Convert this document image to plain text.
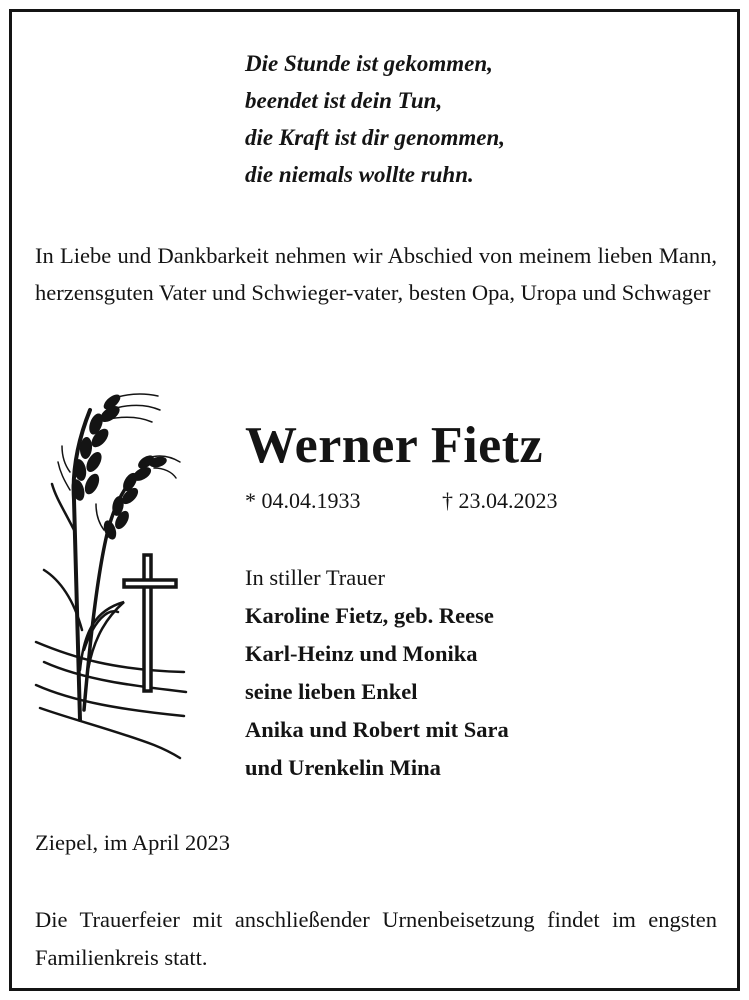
Die Stunde ist gekommen,
beendet ist dein Tun,
die Kraft ist dir genommen,
die niemals wollte ruhn.
In Liebe und Dankbarkeit nehmen wir Abschied von meinem lieben Mann, herzensguten Vater und Schwieger-vater, besten Opa, Uropa und Schwager
Werner Fietz
* 04.04.1933	† 23.04.2023
In stiller Trauer
Karoline Fietz, geb. Reese
Karl-Heinz und Monika
seine lieben Enkel
Anika und Robert mit Sara
und Urenkelin Mina
Ziepel, im April 2023
Die Trauerfeier mit anschließender Urnenbeisetzung findet im engsten Familienkreis statt.
